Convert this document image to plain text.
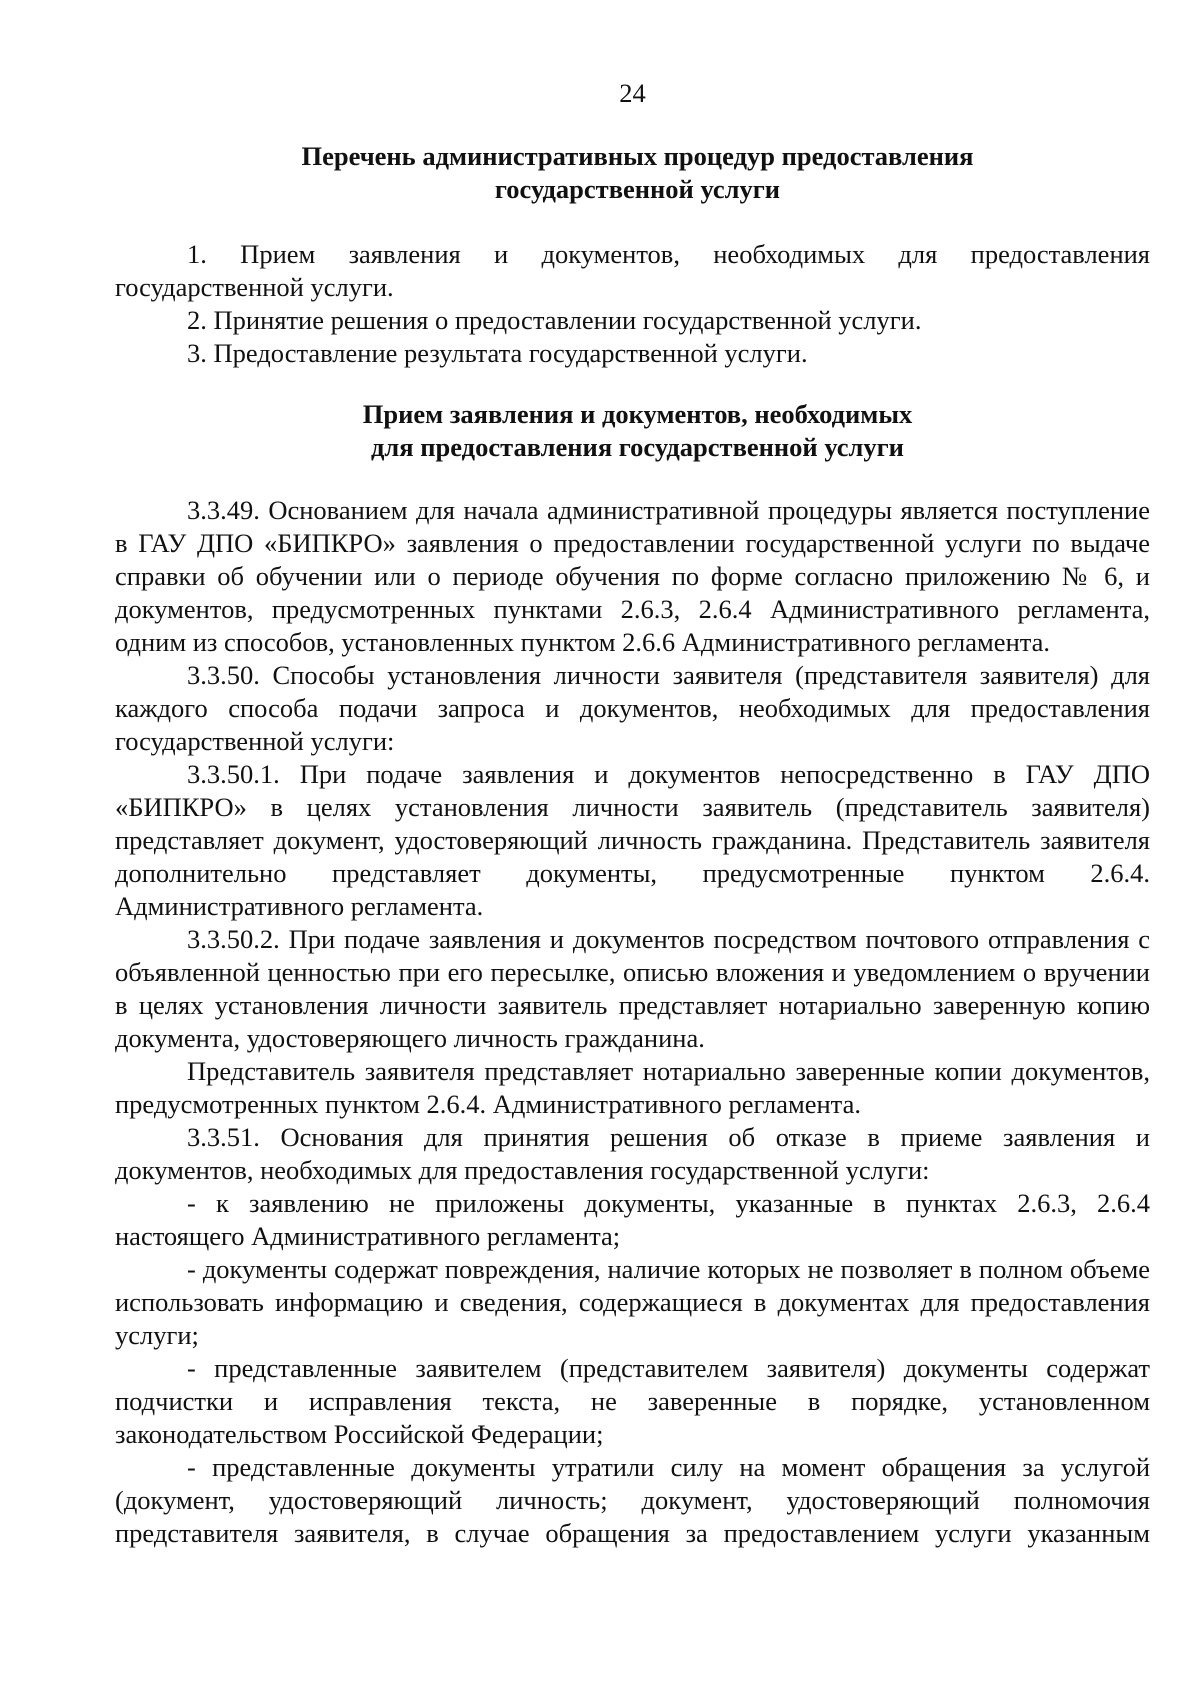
24
Перечень административных процедур предоставления
государственной услуги

1. Прием заявления и документов, необходимых для предоставления государственной услуги.

2. Принятие решения о предоставлении государственной услуги.

3. Предоставление результата государственной услуги.

Прием заявления и документов, необходимых
для предоставления государственной услуги

3.3.49. Основанием для начала административной процедуры является поступление в ГАУ ДПО «БИПКРО» заявления о предоставлении государственной услуги по выдаче справки об обучении или о периоде обучения по форме согласно приложению № 6, и документов, предусмотренных пунктами 2.6.3, 2.6.4 Административного регламента, одним из способов, установленных пунктом 2.6.6 Административного регламента.

3.3.50. Способы установления личности заявителя (представителя заявителя) для каждого способа подачи запроса и документов, необходимых для предоставления государственной услуги:

3.3.50.1. При подаче заявления и документов непосредственно в ГАУ ДПО «БИПКРО» в целях установления личности заявитель (представитель заявителя) представляет документ, удостоверяющий личность гражданина. Представитель заявителя дополнительно представляет документы, предусмотренные пунктом 2.6.4. Административного регламента.

3.3.50.2. При подаче заявления и документов посредством почтового отправления с объявленной ценностью при его пересылке, описью вложения и уведомлением о вручении в целях установления личности заявитель представляет нотариально заверенную копию документа, удостоверяющего личность гражданина.

Представитель заявителя представляет нотариально заверенные копии документов, предусмотренных пунктом 2.6.4. Административного регламента.

3.3.51. Основания для принятия решения об отказе в приеме заявления и документов, необходимых для предоставления государственной услуги:

- к заявлению не приложены документы, указанные в пунктах 2.6.3, 2.6.4 настоящего Административного регламента;

- документы содержат повреждения, наличие которых не позволяет в полном объеме использовать информацию и сведения, содержащиеся в документах для предоставления услуги;

- представленные заявителем (представителем заявителя) документы содержат подчистки и исправления текста, не заверенные в порядке, установленном законодательством Российской Федерации;

- представленные документы утратили силу на момент обращения за услугой (документ, удостоверяющий личность; документ, удостоверяющий полномочия представителя заявителя, в случае обращения за предоставлением услуги указанным
